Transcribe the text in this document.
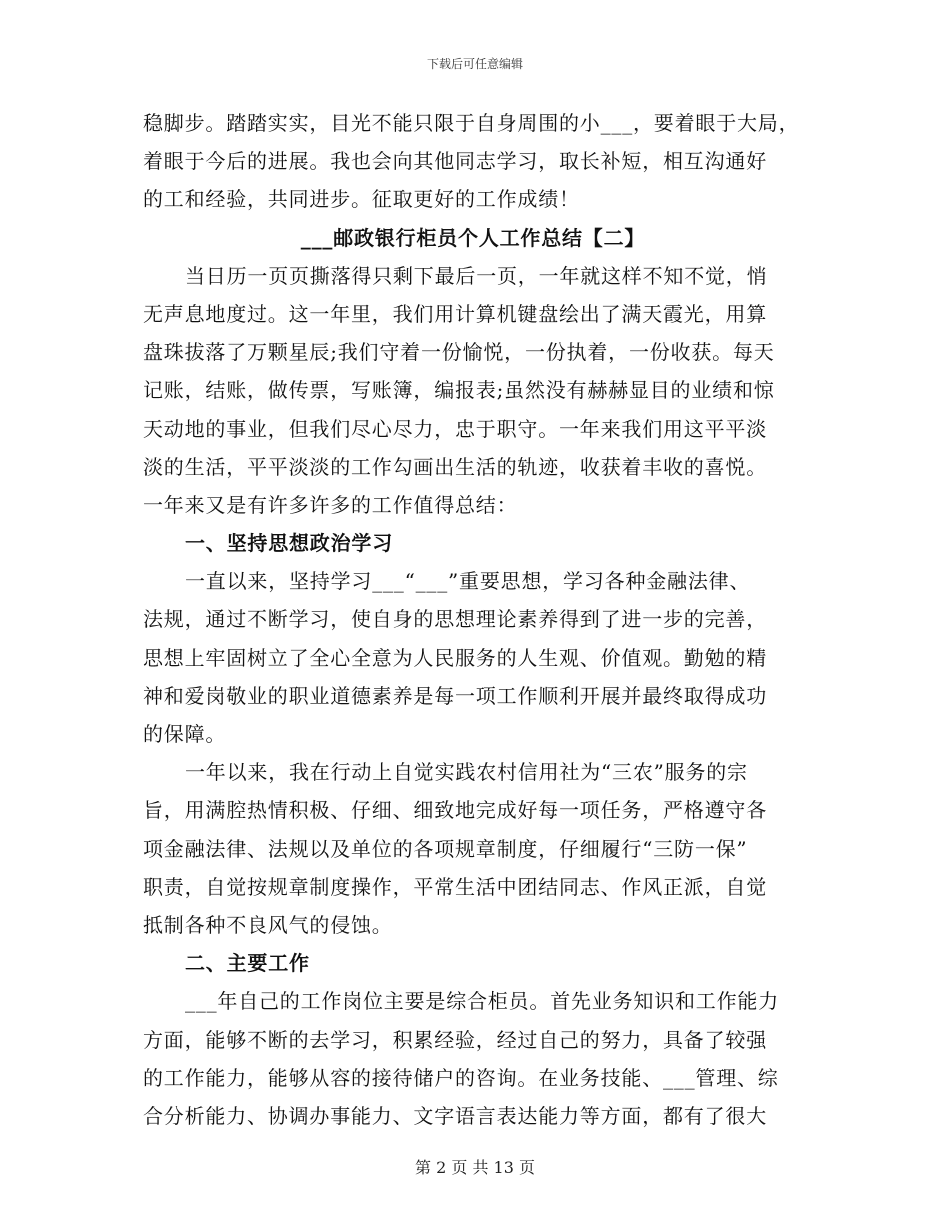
下载后可任意编辑
稳脚步。踏踏实实，目光不能只限于自身周围的小___，要着眼于大局，
着眼于今后的进展。我也会向其他同志学习，取长补短，相互沟通好
的工和经验，共同进步。征取更好的工作成绩！
___邮政银行柜员个人工作总结【二】
当日历一页页撕落得只剩下最后一页，一年就这样不知不觉，悄
无声息地度过。这一年里，我们用计算机键盘绘出了满天霞光，用算
盘珠拔落了万颗星辰;我们守着一份愉悦，一份执着，一份收获。每天
记账，结账，做传票，写账簿，编报表;虽然没有赫赫显目的业绩和惊
天动地的事业，但我们尽心尽力，忠于职守。一年来我们用这平平淡
淡的生活，平平淡淡的工作勾画出生活的轨迹，收获着丰收的喜悦。
一年来又是有许多许多的工作值得总结：
一、坚持思想政治学习
一直以来，坚持学习___“___”重要思想，学习各种金融法律、
法规，通过不断学习，使自身的思想理论素养得到了进一步的完善，
思想上牢固树立了全心全意为人民服务的人生观、价值观。勤勉的精
神和爱岗敬业的职业道德素养是每一项工作顺利开展并最终取得成功
的保障。
一年以来，我在行动上自觉实践农村信用社为“三农”服务的宗
旨，用满腔热情积极、仔细、细致地完成好每一项任务，严格遵守各
项金融法律、法规以及单位的各项规章制度，仔细履行“三防一保”
职责，自觉按规章制度操作，平常生活中团结同志、作风正派，自觉
抵制各种不良风气的侵蚀。
二、主要工作
___年自己的工作岗位主要是综合柜员。首先业务知识和工作能力
方面，能够不断的去学习，积累经验，经过自己的努力，具备了较强
的工作能力，能够从容的接待储户的咨询。在业务技能、___管理、综
合分析能力、协调办事能力、文字语言表达能力等方面，都有了很大
第 2 页 共 13 页
